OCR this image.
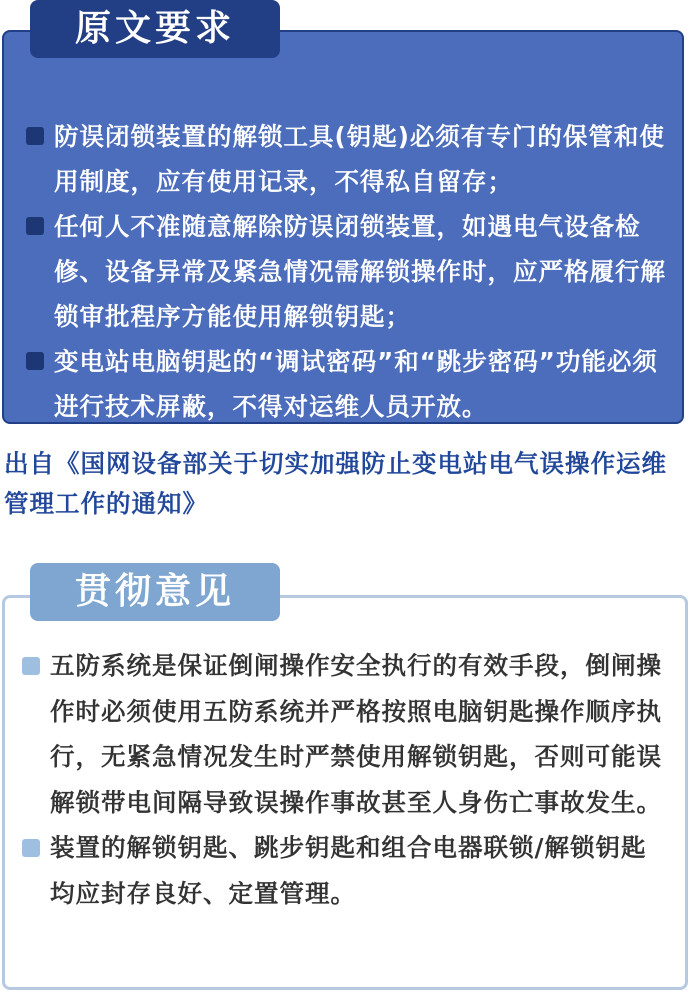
原文要求
防误闭锁装置的解锁工具(钥匙)必须有专门的保管和使用制度，应有使用记录，不得私自留存；
任何人不准随意解除防误闭锁装置，如遇电气设备检修、设备异常及紧急情况需解锁操作时，应严格履行解锁审批程序方能使用解锁钥匙；
变电站电脑钥匙的“调试密码”和“跳步密码”功能必须进行技术屏蔽，不得对运维人员开放。
出自《国网设备部关于切实加强防止变电站电气误操作运维管理工作的通知》
贯彻意见
五防系统是保证倒闸操作安全执行的有效手段，倒闸操作时必须使用五防系统并严格按照电脑钥匙操作顺序执行，无紧急情况发生时严禁使用解锁钥匙，否则可能误解锁带电间隔导致误操作事故甚至人身伤亡事故发生。
装置的解锁钥匙、跳步钥匙和组合电器联锁/解锁钥匙均应封存良好、定置管理。
